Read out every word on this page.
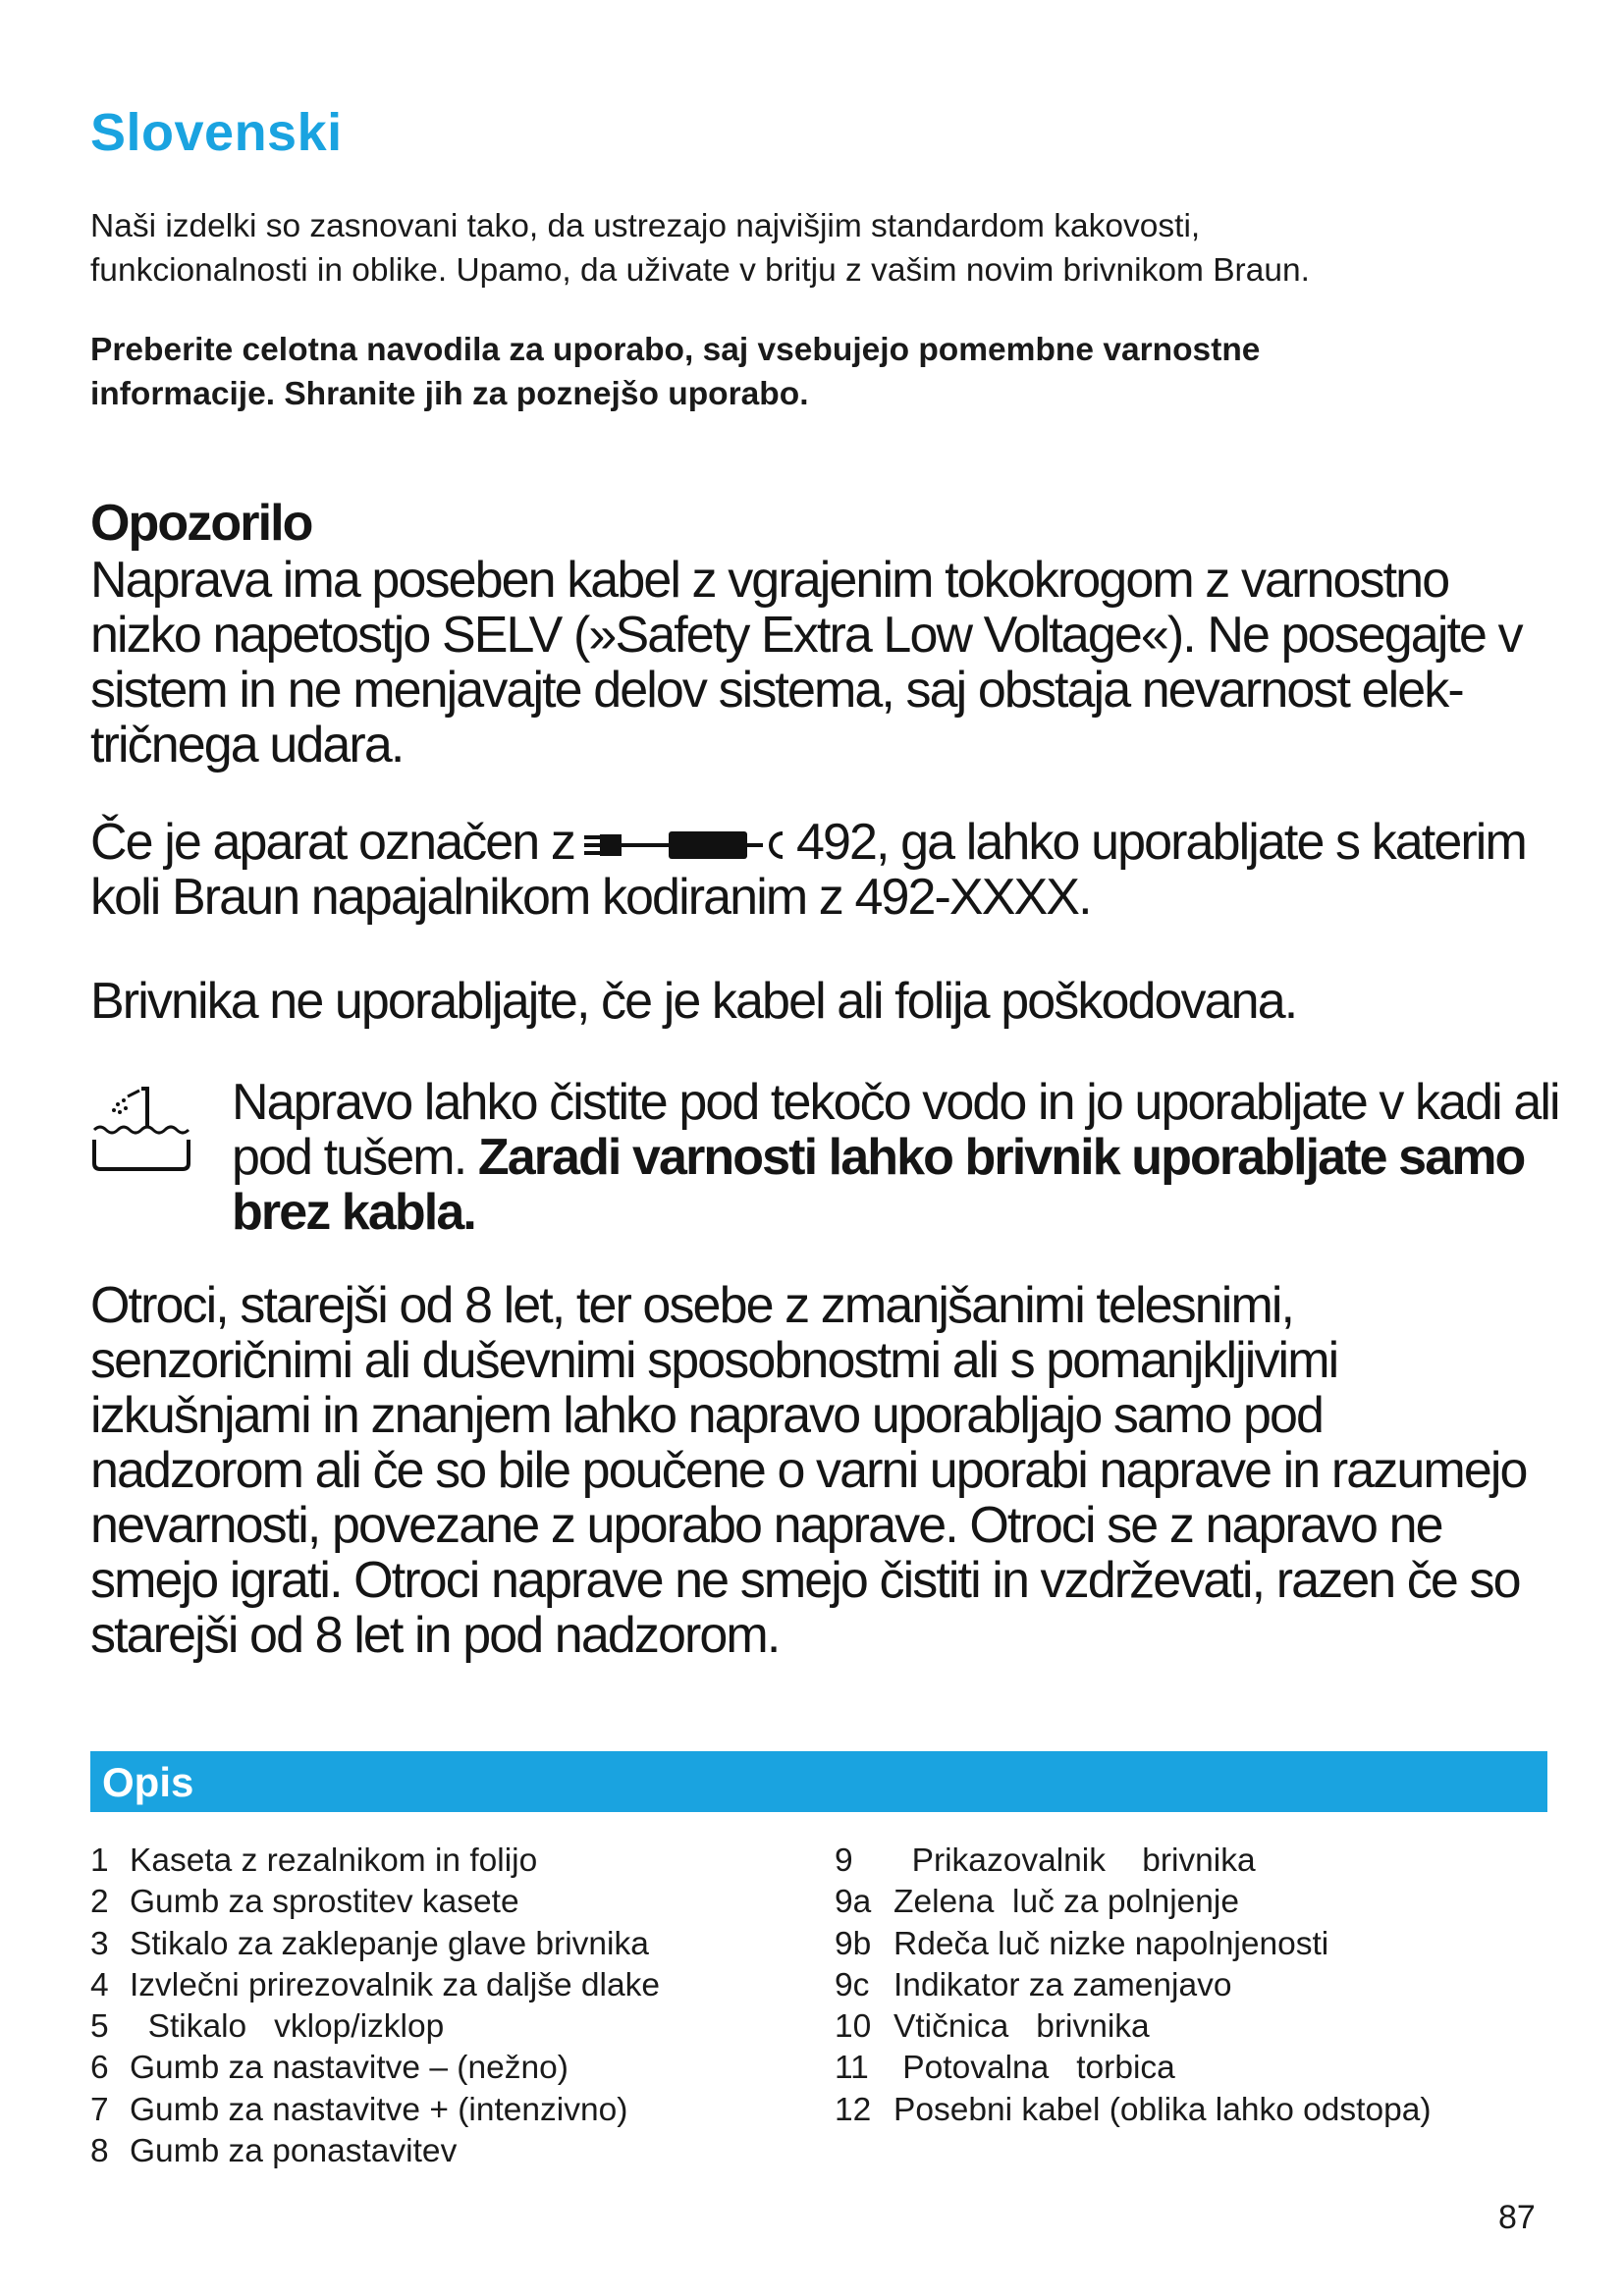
Slovenski

Naši izdelki so zasnovani tako, da ustrezajo najvišjim standardom kakovosti,
funkcionalnosti in oblike. Upamo, da uživate v britju z vašim novim brivnikom Braun.

Preberite celotna navodila za uporabo, saj vsebujejo pomembne varnostne
informacije. Shranite jih za poznejšo uporabo.

Opozorilo

Naprava ima poseben kabel z vgrajenim tokokrogom z varnostno
nizko napetostjo SELV (»Safety Extra Low Voltage«). Ne posegajte v
sistem in ne menjavajte delov sistema, saj obstaja nevarnost elek-
tričnega udara.

Če je aparat označen z	492, ga lahko uporabljate s katerim
koli Braun napajalnikom kodiranim z 492-XXXX.

Brivnika ne uporabljajte, če je kabel ali folija poškodovana.

Napravo lahko čistite pod tekočo vodo in jo uporabljate v kadi ali pod tušem. Zaradi varnosti lahko brivnik uporabljate samo brez kabla.

Otroci, starejši od 8 let, ter osebe z zmanjšanimi telesnimi,
senzoričnimi ali duševnimi sposobnostmi ali s pomanjkljivimi
izkušnjami in znanjem lahko napravo uporabljajo samo pod
nadzorom ali če so bile poučene o varni uporabi naprave in razumejo
nevarnosti, povezane z uporabo naprave. Otroci se z napravo ne
smejo igrati. Otroci naprave ne smejo čistiti in vzdrževati, razen če so
starejši od 8 let in pod nadzorom.

Opis
1 Kaseta z rezalnikom in folijo
2 Gumb za sprostitev kasete
3 Stikalo za zaklepanje glave brivnika
4 Izvlečni prirezovalnik za daljše dlake
5 Stikalo   vklop/izklop
6 Gumb za nastavitve – (nežno)
7 Gumb za nastavitve + (intenzivno)
8 Gumb za ponastavitev
9	Prikazovalnik    brivnika
9a Zelena  luč za polnjenje
9b Rdeča luč nizke napolnjenosti
9c Indikator za zamenjavo
10 Vtičnica   brivnika
11 Potovalna   torbica
12 Posebni kabel (oblika lahko odstopa)

87
